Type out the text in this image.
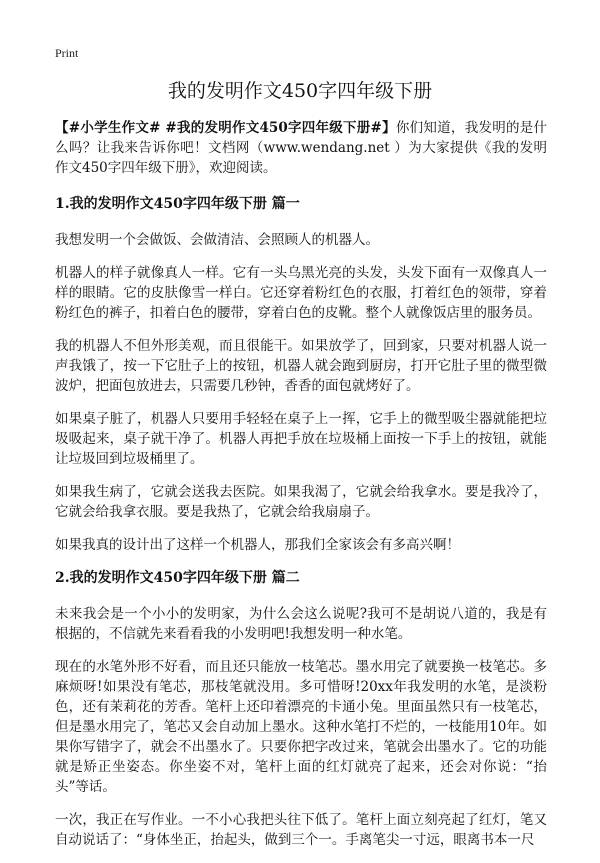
Print
我的发明作文450字四年级下册

【#小学生作文# #我的发明作文450字四年级下册#】你们知道，我发明的是什么吗？让我来告诉你吧！文档网（www.wendang.net ）为大家提供《我的发明作文450字四年级下册》，欢迎阅读。

1.我的发明作文450字四年级下册 篇一

我想发明一个会做饭、会做清洁、会照顾人的机器人。

机器人的样子就像真人一样。它有一头乌黑光亮的头发，头发下面有一双像真人一样的眼睛。它的皮肤像雪一样白。它还穿着粉红色的衣服，打着红色的领带，穿着粉红色的裤子，扣着白色的腰带，穿着白色的皮靴。整个人就像饭店里的服务员。

我的机器人不但外形美观，而且很能干。如果放学了，回到家，只要对机器人说一声我饿了，按一下它肚子上的按钮，机器人就会跑到厨房，打开它肚子里的微型微波炉，把面包放进去，只需要几秒钟，香香的面包就烤好了。

如果桌子脏了，机器人只要用手轻轻在桌子上一挥，它手上的微型吸尘器就能把垃圾吸起来，桌子就干净了。机器人再把手放在垃圾桶上面按一下手上的按钮，就能让垃圾回到垃圾桶里了。

如果我生病了，它就会送我去医院。如果我渴了，它就会给我拿水。要是我冷了，它就会给我拿衣服。要是我热了，它就会给我扇扇子。

如果我真的设计出了这样一个机器人，那我们全家该会有多高兴啊！

2.我的发明作文450字四年级下册 篇二

未来我会是一个小小的发明家，为什么会这么说呢?我可不是胡说八道的，我是有根据的，不信就先来看看我的小发明吧!我想发明一种水笔。

现在的水笔外形不好看，而且还只能放一枝笔芯。墨水用完了就要换一枝笔芯。多麻烦呀!如果没有笔芯，那枝笔就没用。多可惜呀!20xx年我发明的水笔，是淡粉色，还有茉莉花的芳香。笔杆上还印着漂亮的卡通小兔。里面虽然只有一枝笔芯，但是墨水用完了，笔芯又会自动加上墨水。这种水笔打不烂的，一枝能用10年。如果你写错字了，就会不出墨水了。只要你把字改过来，笔就会出墨水了。它的功能就是矫正坐姿态。你坐姿不对，笔杆上面的红灯就亮了起来，还会对你说：“抬头”等话。

一次，我正在写作业。一不小心我把头往下低了。笔杆上面立刻亮起了红灯，笔又自动说话了：“身体坐正，抬起头，做到三个一。手离笔尖一寸远，眼离书本一尺
